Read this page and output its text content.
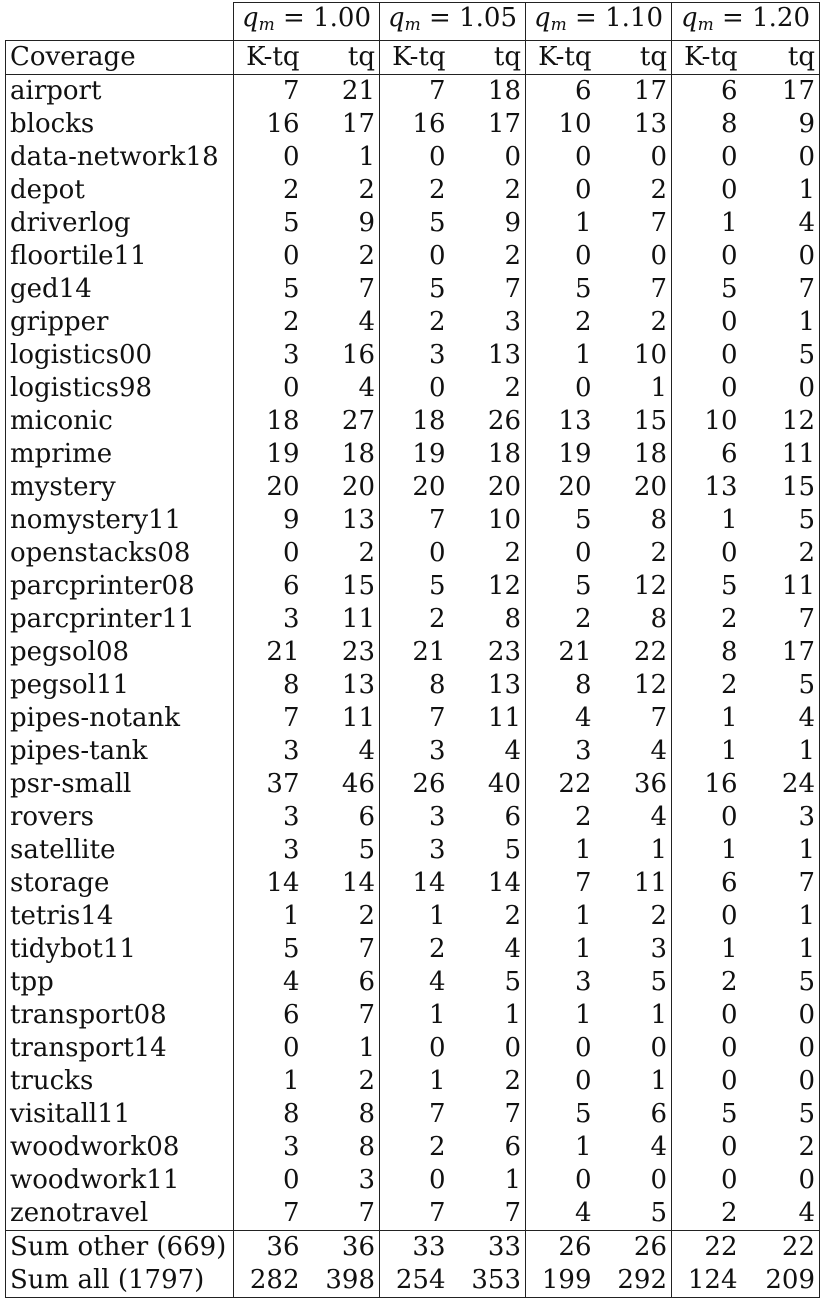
	$q_m = 1.00$		$q_m = 1.05$		$q_m = 1.10$		$q_m = 1.20$	
Coverage	K-tq	tq	K-tq	tq	K-tq	tq	K-tq	tq
airport	7	21	7	18	6	17	6	17
blocks	16	17	16	17	10	13	8	9
data-network18	0	1	0	0	0	0	0	0
depot	2	2	2	2	0	2	0	1
driverlog	5	9	5	9	1	7	1	4
floortile11	0	2	0	2	0	0	0	0
ged14	5	7	5	7	5	7	5	7
gripper	2	4	2	3	2	2	0	1
logistics00	3	16	3	13	1	10	0	5
logistics98	0	4	0	2	0	1	0	0
miconic	18	27	18	26	13	15	10	12
mprime	19	18	19	18	19	18	6	11
mystery	20	20	20	20	20	20	13	15
nomystery11	9	13	7	10	5	8	1	5
openstacks08	0	2	0	2	0	2	0	2
parcprinter08	6	15	5	12	5	12	5	11
parcprinter11	3	11	2	8	2	8	2	7
pegsol08	21	23	21	23	21	22	8	17
pegsol11	8	13	8	13	8	12	2	5
pipes-notank	7	11	7	11	4	7	1	4
pipes-tank	3	4	3	4	3	4	1	1
psr-small	37	46	26	40	22	36	16	24
rovers	3	6	3	6	2	4	0	3
satellite	3	5	3	5	1	1	1	1
storage	14	14	14	14	7	11	6	7
tetris14	1	2	1	2	1	2	0	1
tidybot11	5	7	2	4	1	3	1	1
tpp	4	6	4	5	3	5	2	5
transport08	6	7	1	1	1	1	0	0
transport14	0	1	0	0	0	0	0	0
trucks	1	2	1	2	0	1	0	0
visitall11	8	8	7	7	5	6	5	5
woodwork08	3	8	2	6	1	4	0	2
woodwork11	0	3	0	1	0	0	0	0
zenotravel	7	7	7	7	4	5	2	4
Sum other (669)	36	36	33	33	26	26	22	22
Sum all (1797)	282	398	254	353	199	292	124	209
